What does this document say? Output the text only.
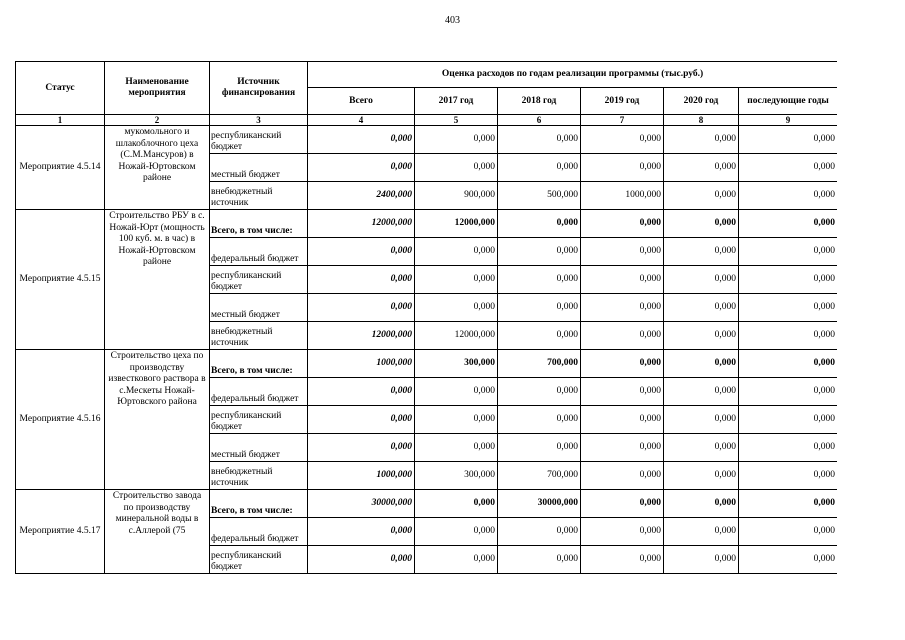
403
Статус	Наименование мероприятия	Источник финансирования	Оценка расходов по годам реализации программы (тыс.руб.)					
			Всего	2017 год	2018 год	2019 год	2020 год	последующие годы
1	2	3	4	5	6	7	8	9
Мероприятие 4.5.14	мукомольного и шлакоблочного цеха (С.М.Мансуров) в Ножай-Юртовском районе	республиканский бюджет	0,000	0,000	0,000	0,000	0,000	0,000
		местный бюджет	0,000	0,000	0,000	0,000	0,000	0,000
		внебюджетный источник	2400,000	900,000	500,000	1000,000	0,000	0,000
Мероприятие 4.5.15	Строительство РБУ в с. Ножай-Юрт (мощность 100 куб. м. в час) в Ножай-Юртовском районе	Всего, в том числе:	12000,000	12000,000	0,000	0,000	0,000	0,000
		федеральный бюджет	0,000	0,000	0,000	0,000	0,000	0,000
		республиканский бюджет	0,000	0,000	0,000	0,000	0,000	0,000
		местный бюджет	0,000	0,000	0,000	0,000	0,000	0,000
		внебюджетный источник	12000,000	12000,000	0,000	0,000	0,000	0,000
Мероприятие 4.5.16	Строительство цеха по производству известкового раствора в с.Мескеты Ножай-Юртовского района	Всего, в том числе:	1000,000	300,000	700,000	0,000	0,000	0,000
		федеральный бюджет	0,000	0,000	0,000	0,000	0,000	0,000
		республиканский бюджет	0,000	0,000	0,000	0,000	0,000	0,000
		местный бюджет	0,000	0,000	0,000	0,000	0,000	0,000
		внебюджетный источник	1000,000	300,000	700,000	0,000	0,000	0,000
Мероприятие 4.5.17	Строительство завода по производству минеральной воды в с.Аллерой (75	Всего, в том числе:	30000,000	0,000	30000,000	0,000	0,000	0,000
		федеральный бюджет	0,000	0,000	0,000	0,000	0,000	0,000
		республиканский бюджет	0,000	0,000	0,000	0,000	0,000	0,000
